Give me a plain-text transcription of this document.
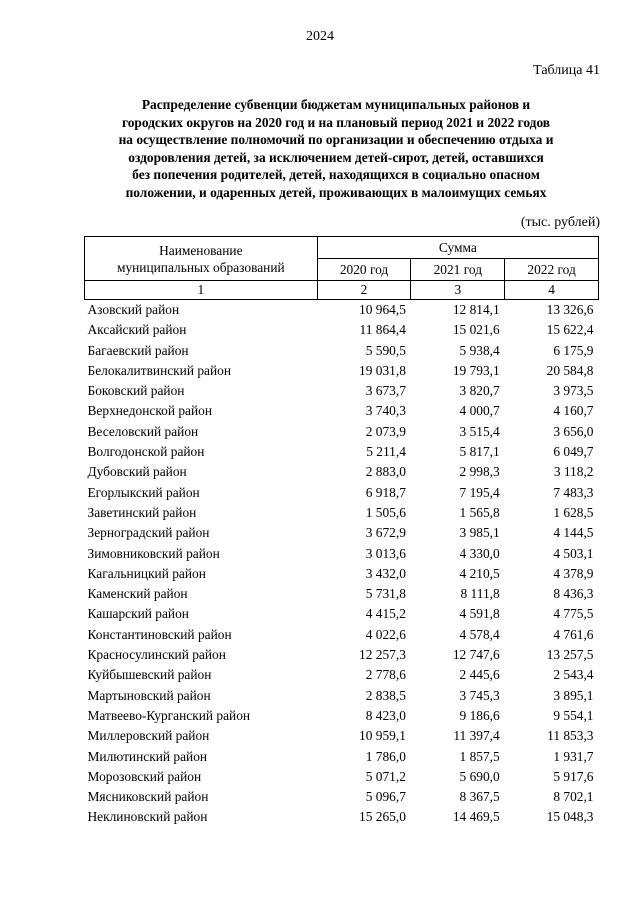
2024
Таблица 41
Распределение субвенции бюджетам муниципальных районов и
городских округов на 2020 год и на плановый период 2021 и 2022 годов
на осуществление полномочий по организации и обеспечению отдыха и
оздоровления детей, за исключением детей-сирот, детей, оставшихся
без попечения родителей, детей, находящихся в социально опасном
положении, и одаренных детей, проживающих в малоимущих семьях
(тыс. рублей)
Наименование
муниципальных образований	Сумма		
	2020 год	2021 год	2022 год
1	2	3	4
Азовский район	10 964,5	12 814,1	13 326,6
Аксайский район	11 864,4	15 021,6	15 622,4
Багаевский район	5 590,5	5 938,4	6 175,9
Белокалитвинский район	19 031,8	19 793,1	20 584,8
Боковский район	3 673,7	3 820,7	3 973,5
Верхнедонской район	3 740,3	4 000,7	4 160,7
Веселовский район	2 073,9	3 515,4	3 656,0
Волгодонской район	5 211,4	5 817,1	6 049,7
Дубовский район	2 883,0	2 998,3	3 118,2
Егорлыкский район	6 918,7	7 195,4	7 483,3
Заветинский район	1 505,6	1 565,8	1 628,5
Зерноградский район	3 672,9	3 985,1	4 144,5
Зимовниковский район	3 013,6	4 330,0	4 503,1
Кагальницкий район	3 432,0	4 210,5	4 378,9
Каменский район	5 731,8	8 111,8	8 436,3
Кашарский район	4 415,2	4 591,8	4 775,5
Константиновский район	4 022,6	4 578,4	4 761,6
Красносулинский район	12 257,3	12 747,6	13 257,5
Куйбышевский район	2 778,6	2 445,6	2 543,4
Мартыновский район	2 838,5	3 745,3	3 895,1
Матвеево-Курганский район	8 423,0	9 186,6	9 554,1
Миллеровский район	10 959,1	11 397,4	11 853,3
Милютинский район	1 786,0	1 857,5	1 931,7
Морозовский район	5 071,2	5 690,0	5 917,6
Мясниковский район	5 096,7	8 367,5	8 702,1
Неклиновский район	15 265,0	14 469,5	15 048,3
